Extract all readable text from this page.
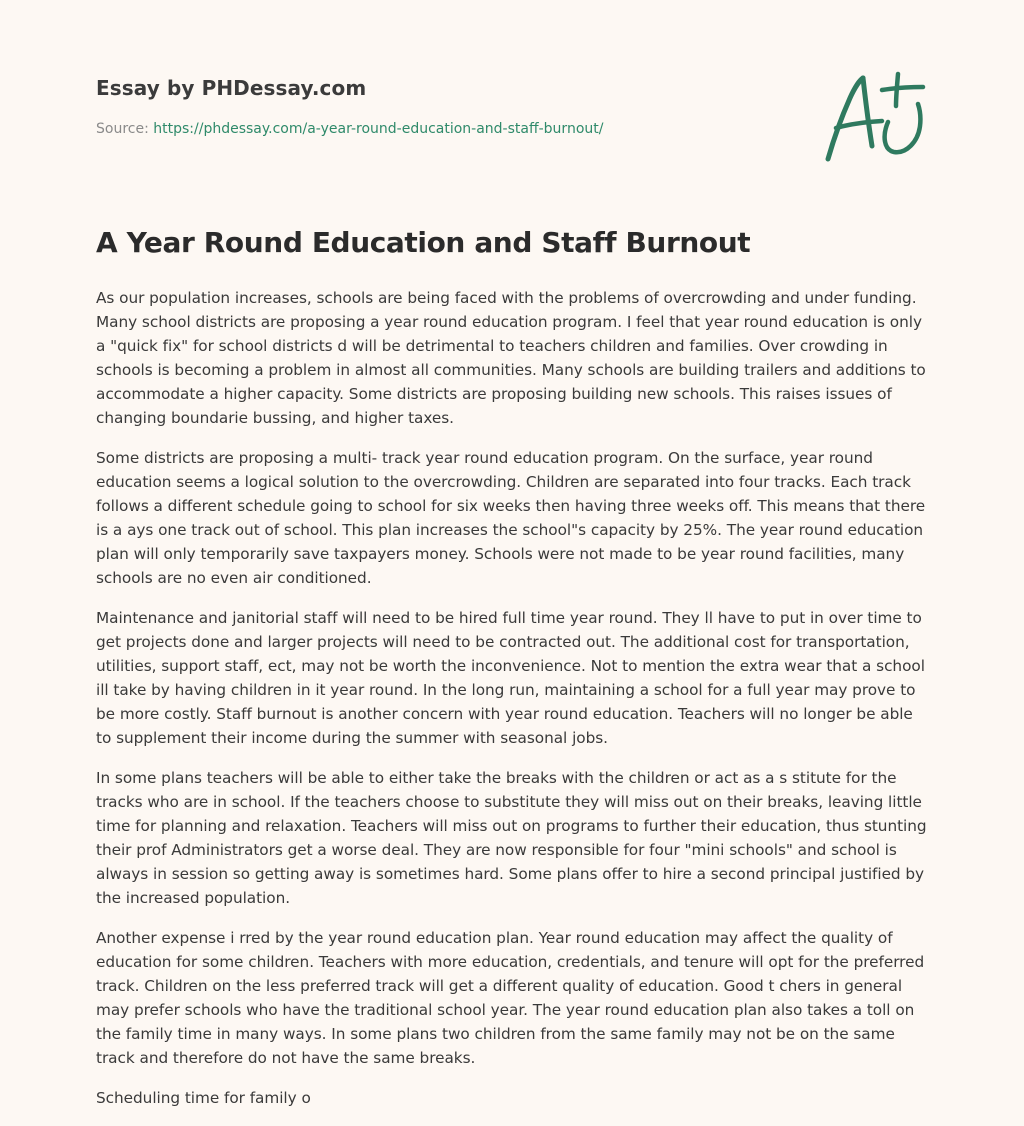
Essay by PHDessay.com

Source: https://phdessay.com/a-year-round-education-and-staff-burnout/
A Year Round Education and Staff Burnout

As our population increases, schools are being faced with the problems of overcrowding and under funding. Many school districts are proposing a year round education program. I feel that year round education is only a "quick fix" for school districts d will be detrimental to teachers children and families. Over crowding in schools is becoming a problem in almost all communities. Many schools are building trailers and additions to accommodate a higher capacity. Some districts are proposing building new schools. This raises issues of changing boundarie bussing, and higher taxes.

Some districts are proposing a multi- track year round education program. On the surface, year round education seems a logical solution to the overcrowding. Children are separated into four tracks. Each track follows a different schedule going to school for six weeks then having three weeks off. This means that there is a ays one track out of school. This plan increases the school"s capacity by 25%. The year round education plan will only temporarily save taxpayers money. Schools were not made to be year round facilities, many schools are no even air conditioned.

Maintenance and janitorial staff will need to be hired full time year round. They ll have to put in over time to get projects done and larger projects will need to be contracted out. The additional cost for transportation, utilities, support staff, ect, may not be worth the inconvenience. Not to mention the extra wear that a school ill take by having children in it year round. In the long run, maintaining a school for a full year may prove to be more costly. Staff burnout is another concern with year round education. Teachers will no longer be able to supplement their income during the summer with seasonal jobs.

In some plans teachers will be able to either take the breaks with the children or act as a s stitute for the tracks who are in school. If the teachers choose to substitute they will miss out on their breaks, leaving little time for planning and relaxation. Teachers will miss out on programs to further their education, thus stunting their prof Administrators get a worse deal. They are now responsible for four "mini schools" and school is always in session so getting away is sometimes hard. Some plans offer to hire a second principal justified by the increased population.

Another expense i rred by the year round education plan. Year round education may affect the quality of education for some children. Teachers with more education, credentials, and tenure will opt for the preferred track. Children on the less preferred track will get a different quality of education. Good t chers in general may prefer schools who have the traditional school year. The year round education plan also takes a toll on the family time in many ways. In some plans two children from the same family may not be on the same track and therefore do not have the same breaks.

Scheduling time for family o
